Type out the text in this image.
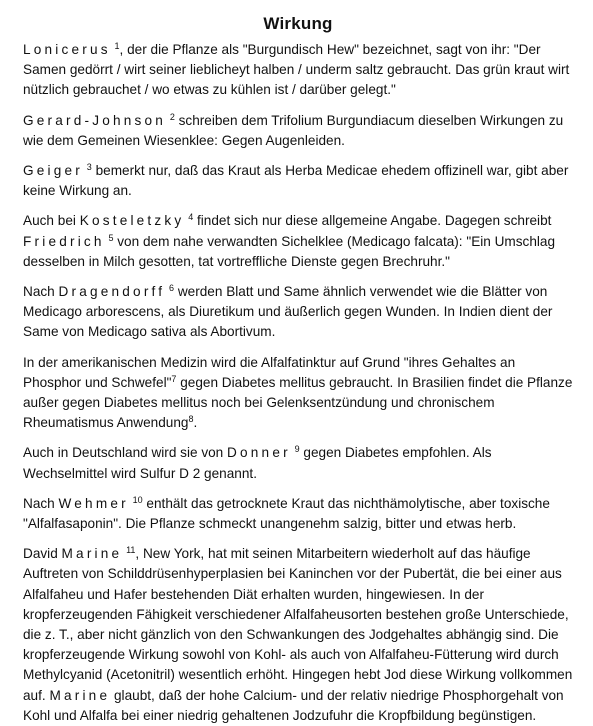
Wirkung

Lonicerus $^1$, der die Pflanze als "Burgundisch Hew" bezeichnet, sagt von ihr: "Der Samen gedörrt / wirt seiner lieblicheyt halben / underm saltz gebraucht. Das grün kraut wirt nützlich gebrauchet / wo etwas zu kühlen ist / darüber gelegt."

Gerard-Johnson $^2$ schreiben dem Trifolium Burgundiacum dieselben Wirkungen zu wie dem Gemeinen Wiesenklee: Gegen Augenleiden.

Geiger $^3$ bemerkt nur, daß das Kraut als Herba Medicae ehedem offizinell war, gibt aber keine Wirkung an.

Auch bei Kosteletzky $^4$ findet sich nur diese allgemeine Angabe. Dagegen schreibt Friedrich $^5$ von dem nahe verwandten Sichelklee (Medicago falcata): "Ein Umschlag desselben in Milch gesotten, tat vortreffliche Dienste gegen Brechruhr."

Nach Dragendorff $^6$ werden Blatt und Same ähnlich verwendet wie die Blätter von Medicago arborescens, als Diuretikum und äußerlich gegen Wunden. In Indien dient der Same von Medicago sativa als Abortivum.

In der amerikanischen Medizin wird die Alfalfatinktur auf Grund "ihres Gehaltes an Phosphor und Schwefel"$^7$ gegen Diabetes mellitus gebraucht. In Brasilien findet die Pflanze außer gegen Diabetes mellitus noch bei Gelenksentzündung und chronischem Rheumatismus Anwendung$^8$.

Auch in Deutschland wird sie von Donner $^9$ gegen Diabetes empfohlen. Als Wechselmittel wird Sulfur D 2 genannt.

Nach Wehmer $^{10}$ enthält das getrocknete Kraut das nichthämolytische, aber toxische "Alfalfasaponin". Die Pflanze schmeckt unangenehm salzig, bitter und etwas herb.

David Marine $^{11}$, New York, hat mit seinen Mitarbeitern wiederholt auf das häufige Auftreten von Schilddrüsenhyperplasien bei Kaninchen vor der Pubertät, die bei einer aus Alfalfaheu und Hafer bestehenden Diät erhalten wurden, hingewiesen. In der kropferzeugenden Fähigkeit verschiedener Alfalfaheusorten bestehen große Unterschiede, die z. T., aber nicht gänzlich von den Schwankungen des Jodgehaltes abhängig sind. Die kropferzeugende Wirkung sowohl von Kohl- als auch von Alfalfaheu-Fütterung wird durch Methylcyanid (Acetonitril) wesentlich erhöht. Hingegen hebt Jod diese Wirkung vollkommen auf. Marine glaubt, daß der hohe Calcium- und der relativ niedrige Phosphorgehalt von Kohl und Alfalfa bei einer niedrig gehaltenen Jodzufuhr die Kropfbildung begünstigen.
